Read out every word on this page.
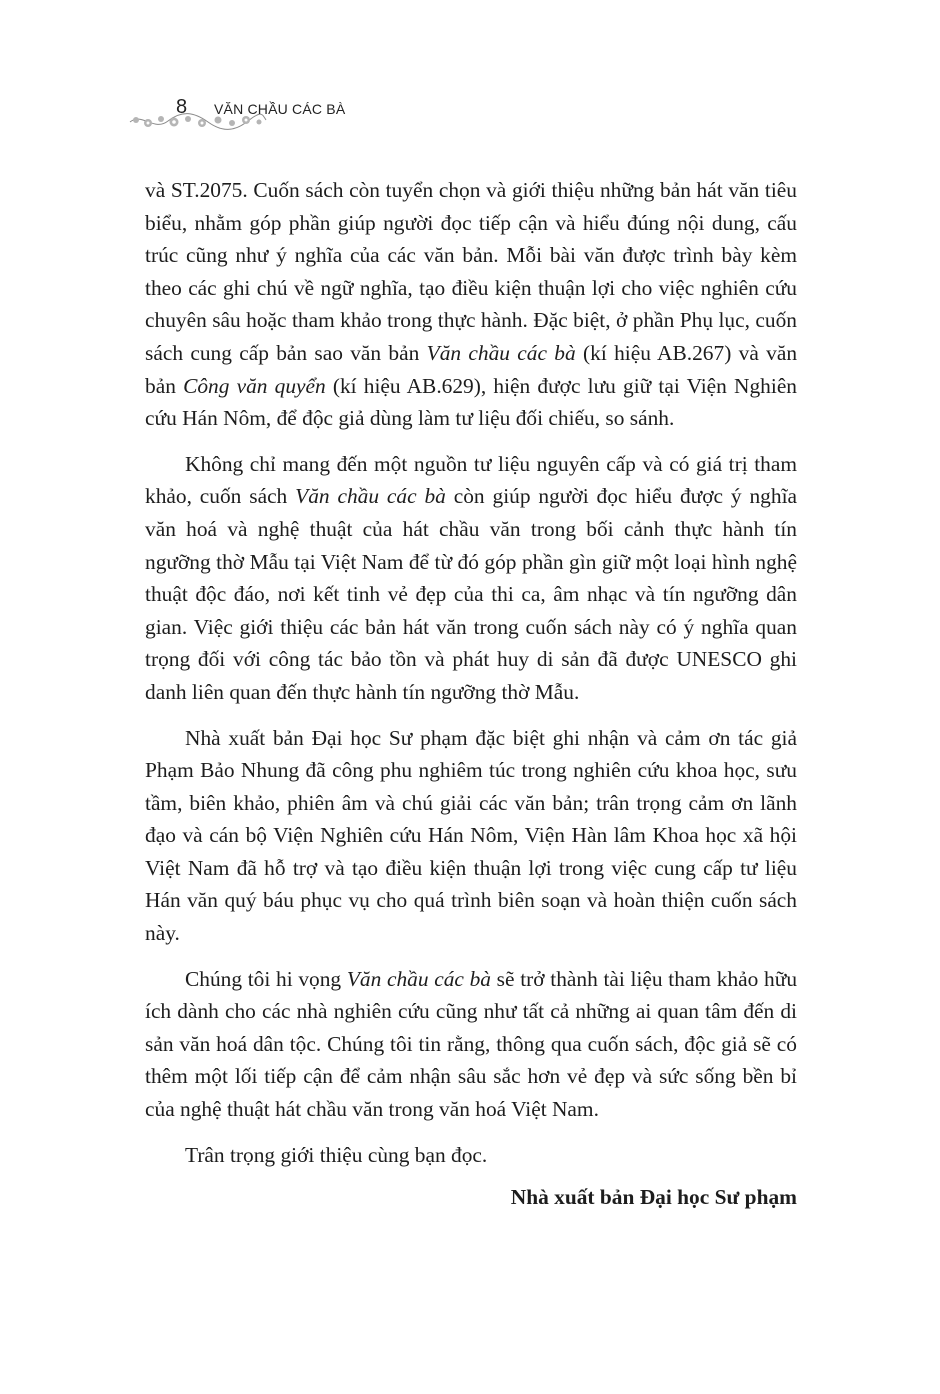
8 VĂN CHẦU CÁC BÀ

và ST.2075. Cuốn sách còn tuyển chọn và giới thiệu những bản hát văn tiêu biểu, nhằm góp phần giúp người đọc tiếp cận và hiểu đúng nội dung, cấu trúc cũng như ý nghĩa của các văn bản. Mỗi bài văn được trình bày kèm theo các ghi chú về ngữ nghĩa, tạo điều kiện thuận lợi cho việc nghiên cứu chuyên sâu hoặc tham khảo trong thực hành. Đặc biệt, ở phần Phụ lục, cuốn sách cung cấp bản sao văn bản Văn chầu các bà (kí hiệu AB.267) và văn bản Công văn quyển (kí hiệu AB.629), hiện được lưu giữ tại Viện Nghiên cứu Hán Nôm, để độc giả dùng làm tư liệu đối chiếu, so sánh.

Không chỉ mang đến một nguồn tư liệu nguyên cấp và có giá trị tham khảo, cuốn sách Văn chầu các bà còn giúp người đọc hiểu được ý nghĩa văn hoá và nghệ thuật của hát chầu văn trong bối cảnh thực hành tín ngưỡng thờ Mẫu tại Việt Nam để từ đó góp phần gìn giữ một loại hình nghệ thuật độc đáo, nơi kết tinh vẻ đẹp của thi ca, âm nhạc và tín ngưỡng dân gian. Việc giới thiệu các bản hát văn trong cuốn sách này có ý nghĩa quan trọng đối với công tác bảo tồn và phát huy di sản đã được UNESCO ghi danh liên quan đến thực hành tín ngưỡng thờ Mẫu.

Nhà xuất bản Đại học Sư phạm đặc biệt ghi nhận và cảm ơn tác giả Phạm Bảo Nhung đã công phu nghiêm túc trong nghiên cứu khoa học, sưu tầm, biên khảo, phiên âm và chú giải các văn bản; trân trọng cảm ơn lãnh đạo và cán bộ Viện Nghiên cứu Hán Nôm, Viện Hàn lâm Khoa học xã hội Việt Nam đã hỗ trợ và tạo điều kiện thuận lợi trong việc cung cấp tư liệu Hán văn quý báu phục vụ cho quá trình biên soạn và hoàn thiện cuốn sách này.

Chúng tôi hi vọng Văn chầu các bà sẽ trở thành tài liệu tham khảo hữu ích dành cho các nhà nghiên cứu cũng như tất cả những ai quan tâm đến di sản văn hoá dân tộc. Chúng tôi tin rằng, thông qua cuốn sách, độc giả sẽ có thêm một lối tiếp cận để cảm nhận sâu sắc hơn vẻ đẹp và sức sống bền bỉ của nghệ thuật hát chầu văn trong văn hoá Việt Nam.

Trân trọng giới thiệu cùng bạn đọc.

Nhà xuất bản Đại học Sư phạm
